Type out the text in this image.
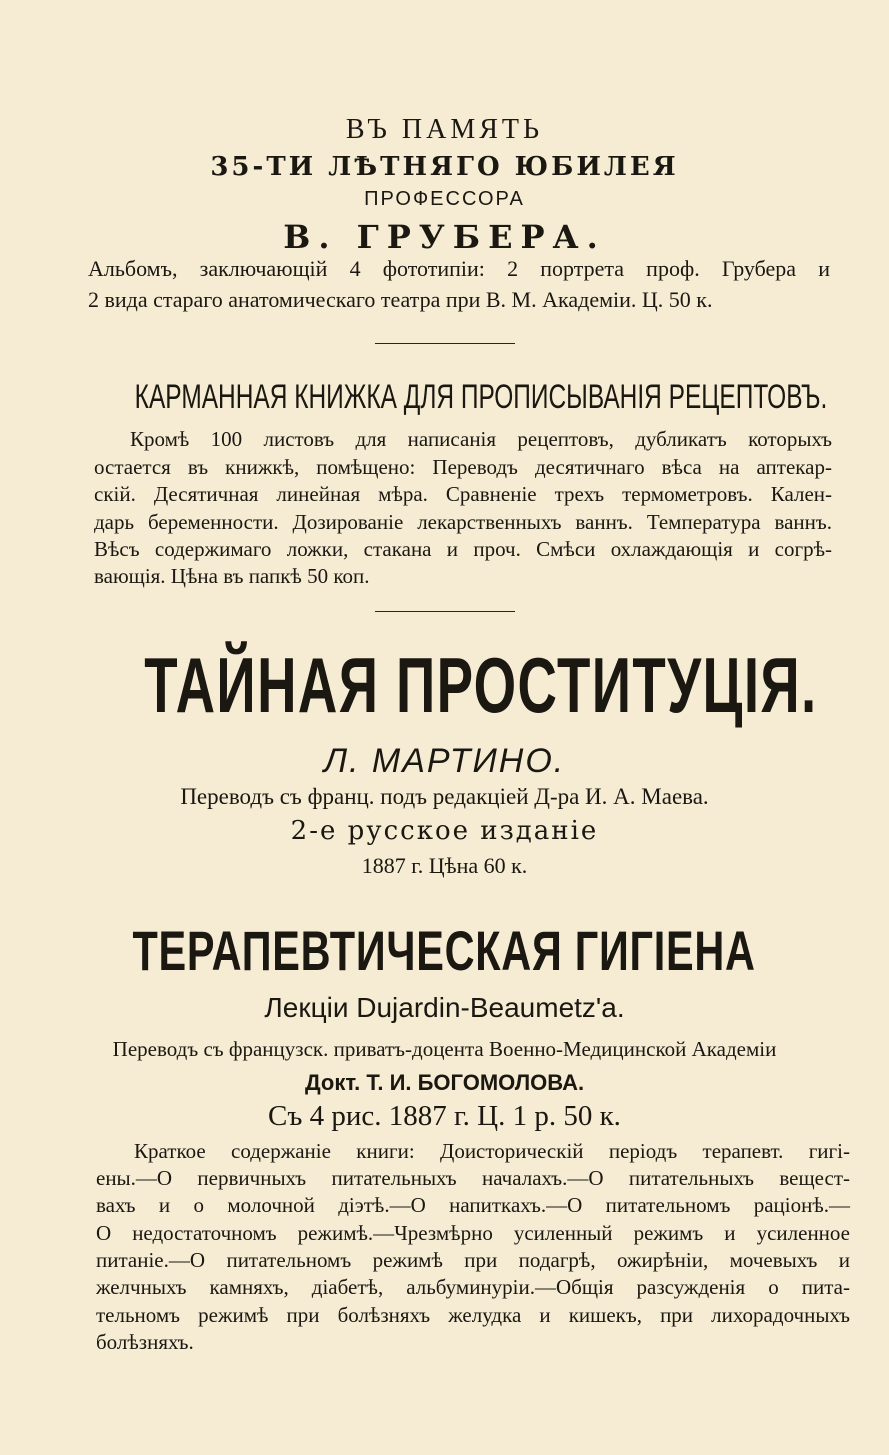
ВЪ ПАМЯТЬ
35-ТИ ЛѢТНЯГО ЮБИЛЕЯ
ПРОФЕССОРА
В. ГРУБЕРА.
Альбомъ, заключающій 4 фототипіи: 2 портрета проф. Грубера и
2 вида стараго анатомическаго театра при В. М. Академіи. Ц. 50 к.
КАРМАННАЯ КНИЖКА ДЛЯ ПРОПИСЫВАНІЯ РЕЦЕПТОВЪ.
Кромѣ 100 листовъ для написанія рецептовъ, дубликатъ которыхъ
остается въ книжкѣ, помѣщено: Переводъ десятичнаго вѣса на аптекар-
скій. Десятичная линейная мѣра. Сравненіе трехъ термометровъ. Кален-
дарь беременности. Дозированіе лекарственныхъ ваннъ. Температура ваннъ.
Вѣсъ содержимаго ложки, стакана и проч. Смѣси охлаждающія и согрѣ-
вающія. Цѣна въ папкѣ 50 коп.
ТАЙНАЯ ПРОСТИТУЦІЯ.
Л. МАРТИНО.
Переводъ съ франц. подъ редакціей Д-ра И. А. Маева.
2-е русское изданіе
1887 г. Цѣна 60 к.
ТЕРАПЕВТИЧЕСКАЯ ГИГІЕНА
Лекціи Dujardin-Beaumetz'a.
Переводъ съ французск. приватъ-доцента Военно-Медицинской Академіи
Докт. Т. И. БОГОМОЛОВА.
Съ 4 рис. 1887 г. Ц. 1 р. 50 к.
Краткое содержаніе книги: Доисторическій періодъ терапевт. гигі-
ены.—О первичныхъ питательныхъ началахъ.—О питательныхъ вещест-
вахъ и о молочной діэтѣ.—О напиткахъ.—О питательномъ раціонѣ.—
О недостаточномъ режимѣ.—Чрезмѣрно усиленный режимъ и усиленное
питаніе.—О питательномъ режимѣ при подагрѣ, ожирѣніи, мочевыхъ и
желчныхъ камняхъ, діабетѣ, альбуминуріи.—Общія разсужденія о пита-
тельномъ режимѣ при болѣзняхъ желудка и кишекъ, при лихорадочныхъ
болѣзняхъ.
